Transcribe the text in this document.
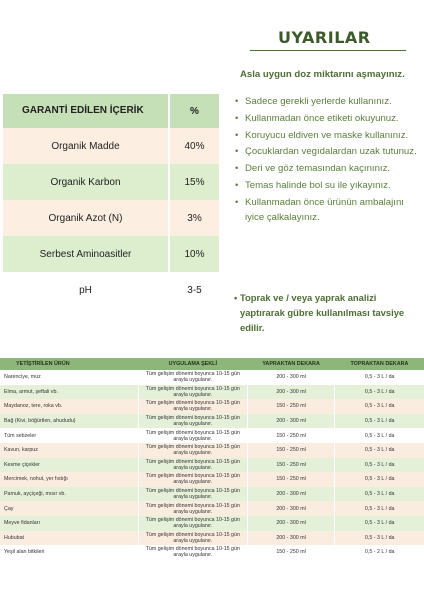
UYARILAR
Asla uygun doz miktarını aşmayınız.
• Sadece gerekli yerlerde kullanınız.
• Kullanmadan önce etiketi okuyunuz.
• Koruyucu eldiven ve maske kullanınız.
• Çocuklardan vegıdalardan uzak tutunuz.
• Deri ve göz temasından kaçınınız.
• Temas halinde bol su ile yıkayınız.
• Kullanmadan önce ürünün ambalajını iyice çalkalayınız.
• Toprak ve / veya yaprak analizi yaptırarak gübre kullanılması tavsiye edilir.
GARANTİ EDİLEN İÇERİK	%
Organik Madde	40%
Organik Karbon	15%
Organik Azot (N)	3%
Serbest Aminoasitler	10%
pH	3-5
YETİŞTİRİLEN ÜRÜN	UYGULAMA ŞEKLİ	YAPRAKTAN DEKARA	TOPRAKTAN DEKARA
Narenciye, muz	Tüm gelişim dönemi boyunca 10-15 gün arayla uygulanır.	200 - 300 ml	0,5 - 3 L / da
Elma, armut, şeftali vb.	Tüm gelişim dönemi boyunca 10-15 gün arayla uygulanır.	200 - 300 ml	0,5 - 3 L / da
Maydanoz, tere, roka vb.	Tüm gelişim dönemi boyunca 10-15 gün arayla uygulanır.	150 - 250 ml	0,5 - 3 L / da
Bağ (Kivi, böğürtlen, ahududu)	Tüm gelişim dönemi boyunca 10-15 gün arayla uygulanır.	200 - 300 ml	0,5 - 3 L / da
Tüm sebzeler	Tüm gelişim dönemi boyunca 10-15 gün arayla uygulanır.	150 - 250 ml	0,5 - 3 L / da
Kavun, karpuz	Tüm gelişim dönemi boyunca 10-15 gün arayla uygulanır.	150 - 250 ml	0,5 - 3 L / da
Kesme çiçekler	Tüm gelişim dönemi boyunca 10-15 gün arayla uygulanır.	150 - 250 ml	0,5 - 3 L / da
Mercimek, nohut, yer fıstığı	Tüm gelişim dönemi boyunca 10-15 gün arayla uygulanır.	150 - 250 ml	0,5 - 3 L / da
Pamuk, ayçiçeği, mısır vb.	Tüm gelişim dönemi boyunca 10-15 gün arayla uygulanır.	200 - 300 ml	0,5 - 3 L / da
Çay	Tüm gelişim dönemi boyunca 10-15 gün arayla uygulanır.	200 - 300 ml	0,5 - 3 L / da
Meyve fidanları	Tüm gelişim dönemi boyunca 10-15 gün arayla uygulanır.	200 - 300 ml	0,5 - 3 L / da
Hububat	Tüm gelişim dönemi boyunca 10-15 gün arayla uygulanır.	200 - 300 ml	0,5 - 3 L / da
Yeşil alan bitkileri	Tüm gelişim dönemi boyunca 10-15 gün arayla uygulanır.	150 - 250 ml	0,5 - 2 L / da
